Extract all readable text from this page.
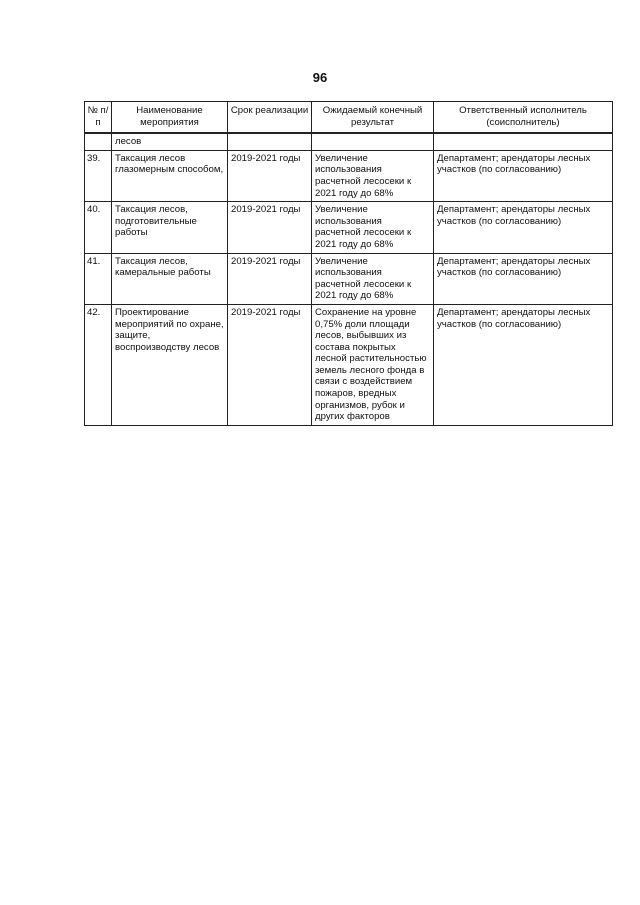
96
№ п/п	Наименование мероприятия	Срок реализации	Ожидаемый конечный результат	Ответственный исполнитель (соисполнитель)
	лесов			
39.	Таксация лесов глазомерным способом,	2019-2021 годы	Увеличение использования расчетной лесосеки к 2021 году до 68%	Департамент; арендаторы лесных участков (по согласованию)
40.	Таксация лесов, подготовительные работы	2019-2021 годы	Увеличение использования расчетной лесосеки к 2021 году до 68%	Департамент; арендаторы лесных участков (по согласованию)
41.	Таксация лесов, камеральные работы	2019-2021 годы	Увеличение использования расчетной лесосеки к 2021 году до 68%	Департамент; арендаторы лесных участков (по согласованию)
42.	Проектирование мероприятий по охране, защите, воспроизводству лесов	2019-2021 годы	Сохранение на уровне 0,75% доли площади лесов, выбывших из состава покрытых лесной растительностью земель лесного фонда в связи с воздействием пожаров, вредных организмов, рубок и других факторов	Департамент; арендаторы лесных участков (по согласованию)
